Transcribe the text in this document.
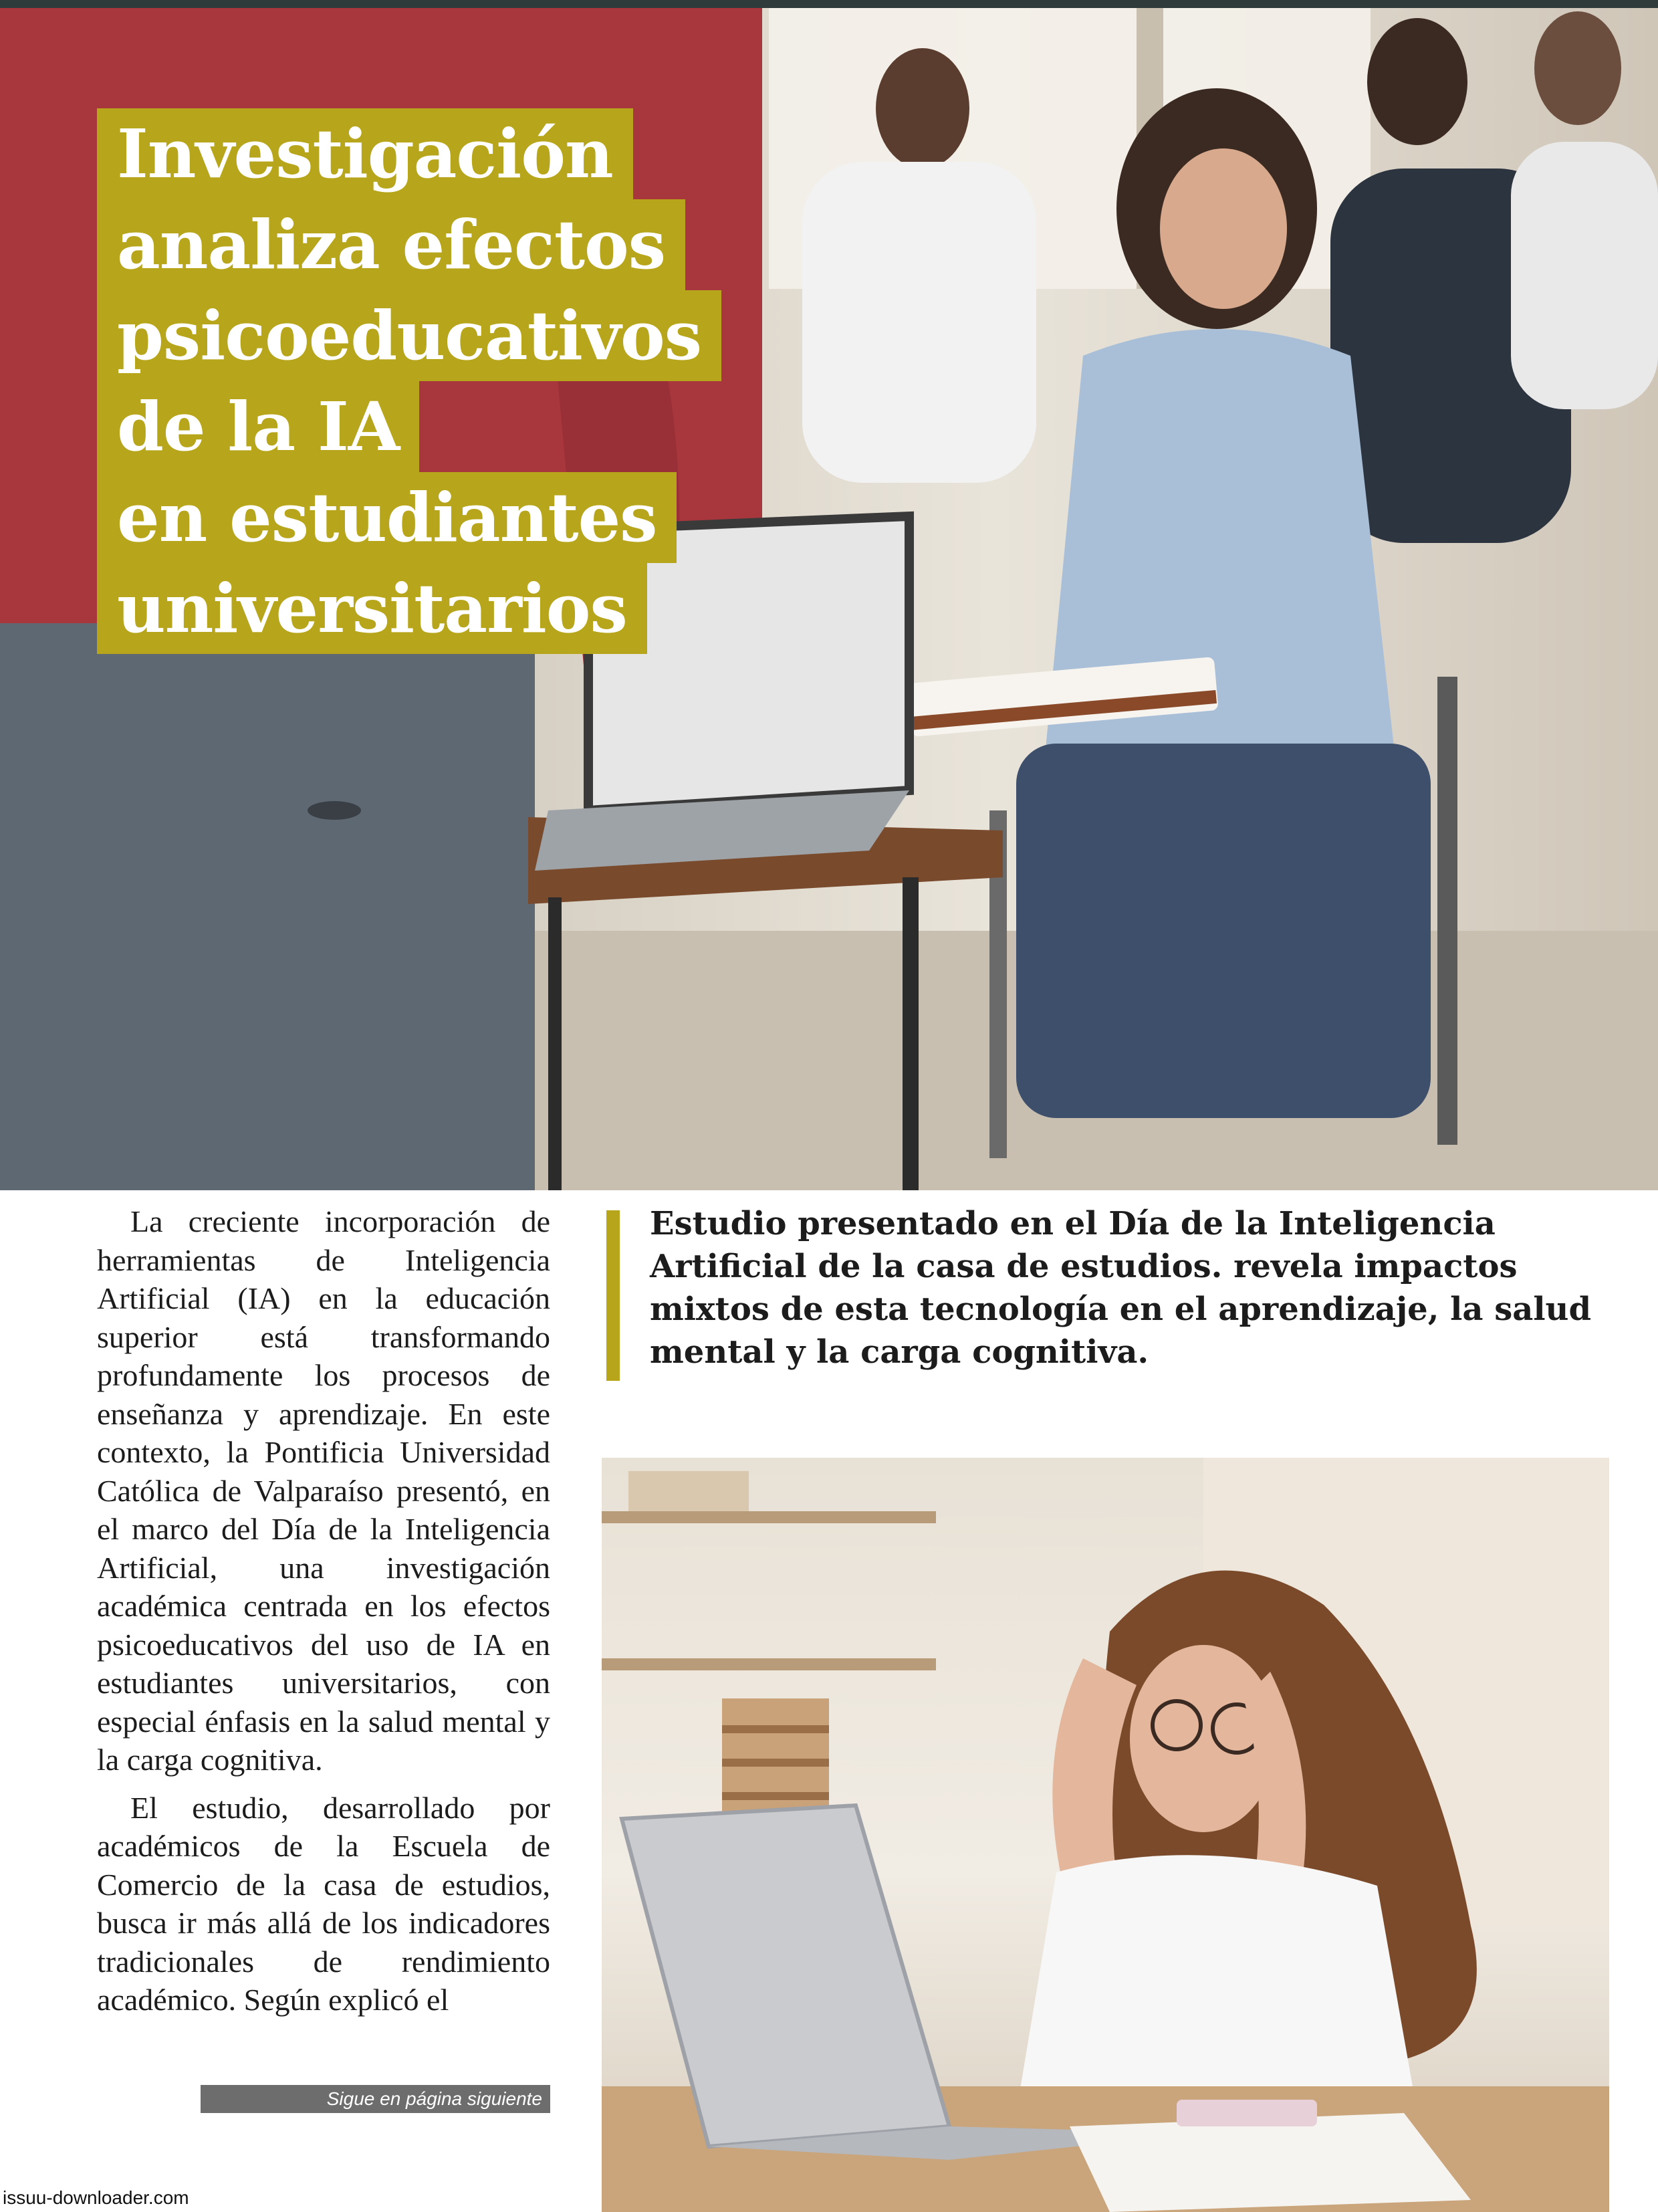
Investigación
analiza efectos
psicoeducativos
de la IA
en estudiantes
universitarios

La creciente incorporación de herramientas de Inteligencia Artificial (IA) en la educación superior está transformando profundamente los procesos de enseñanza y aprendizaje. En este contexto, la Pontificia Universidad Católica de Valparaíso presentó, en el marco del Día de la Inteligencia Artificial, una investigación académica centrada en los efectos psicoeducativos del uso de IA en estudiantes universitarios, con especial énfasis en la salud mental y la carga cognitiva.

El estudio, desarrollado por académicos de la Escuela de Comercio de la casa de estudios, busca ir más allá de los indicadores tradicionales de rendimiento académico. Según explicó el

Sigue en página siguiente
Estudio presentado en el Día de la Inteligencia Artificial de la casa de estudios. revela impactos mixtos de esta tecnología en el aprendizaje, la salud mental y la carga cognitiva.
issuu-downloader.com
